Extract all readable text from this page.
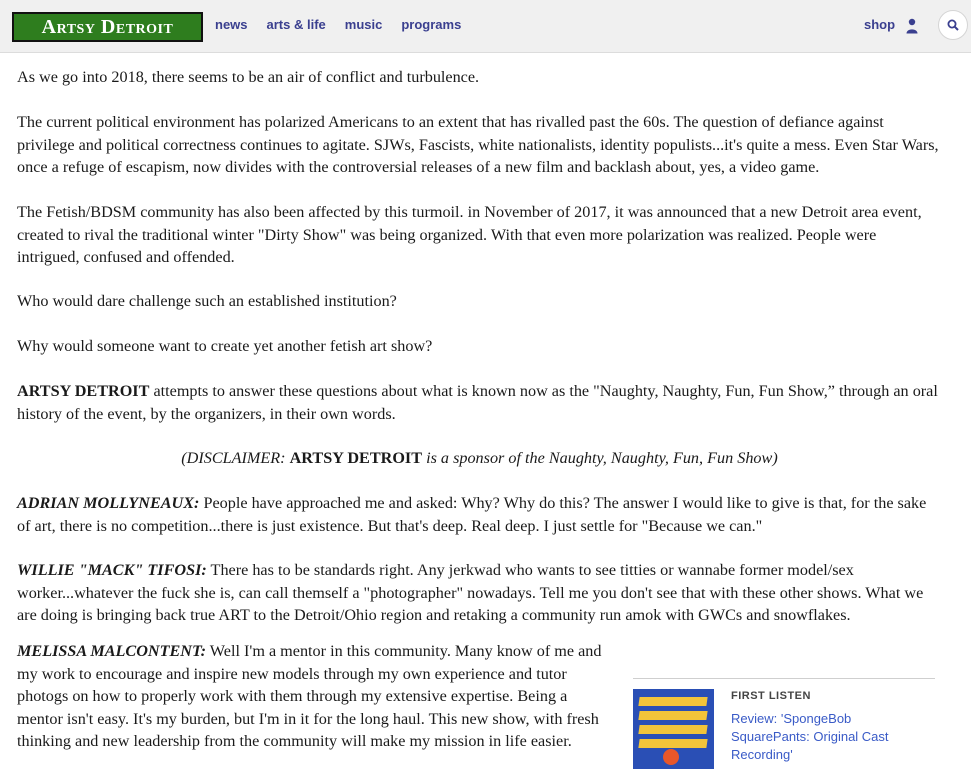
Artsy Detroit	news arts & life music programs	shop

As we go into 2018, there seems to be an air of conflict and turbulence.

The current political environment has polarized Americans to an extent that has rivalled past the 60s. The question of defiance against privilege and political correctness continues to agitate. SJWs, Fascists, white nationalists, identity populists...it's quite a mess. Even Star Wars, once a refuge of escapism, now divides with the controversial releases of a new film and backlash about, yes, a video game.

The Fetish/BDSM community has also been affected by this turmoil. in November of 2017, it was announced that a new Detroit area event, created to rival the traditional winter "Dirty Show" was being organized. With that even more polarization was realized. People were intrigued, confused and offended.

Who would dare challenge such an established institution?

Why would someone want to create yet another fetish art show?

ARTSY DETROIT attempts to answer these questions about what is known now as the "Naughty, Naughty, Fun, Fun Show,” through an oral history of the event, by the organizers, in their own words.

(DISCLAIMER: ARTSY DETROIT is a sponsor of the Naughty, Naughty, Fun, Fun Show)

ADRIAN MOLLYNEAUX: People have approached me and asked: Why? Why do this? The answer I would like to give is that, for the sake of art, there is no competition...there is just existence. But that's deep. Real deep. I just settle for "Because we can."

WILLIE "MACK" TIFOSI: There has to be standards right. Any jerkwad who wants to see titties or wannabe former model/sex worker...whatever the fuck she is, can call themself a "photographer" nowadays. Tell me you don't see that with these other shows. What we are doing is bringing back true ART to the Detroit/Ohio region and retaking a community run amok with GWCs and snowflakes.

MELISSA MALCONTENT: Well I'm a mentor in this community. Many know of me and my work to encourage and inspire new models through my own experience and tutor photogs on how to properly work with them through my extensive expertise. Being a mentor isn't easy. It's my burden, but I'm in it for the long haul. This new show, with fresh thinking and new leadership from the community will make my mission in life easier.

FIRST LISTEN
Review: 'SpongeBob SquarePants: Original Cast Recording'
